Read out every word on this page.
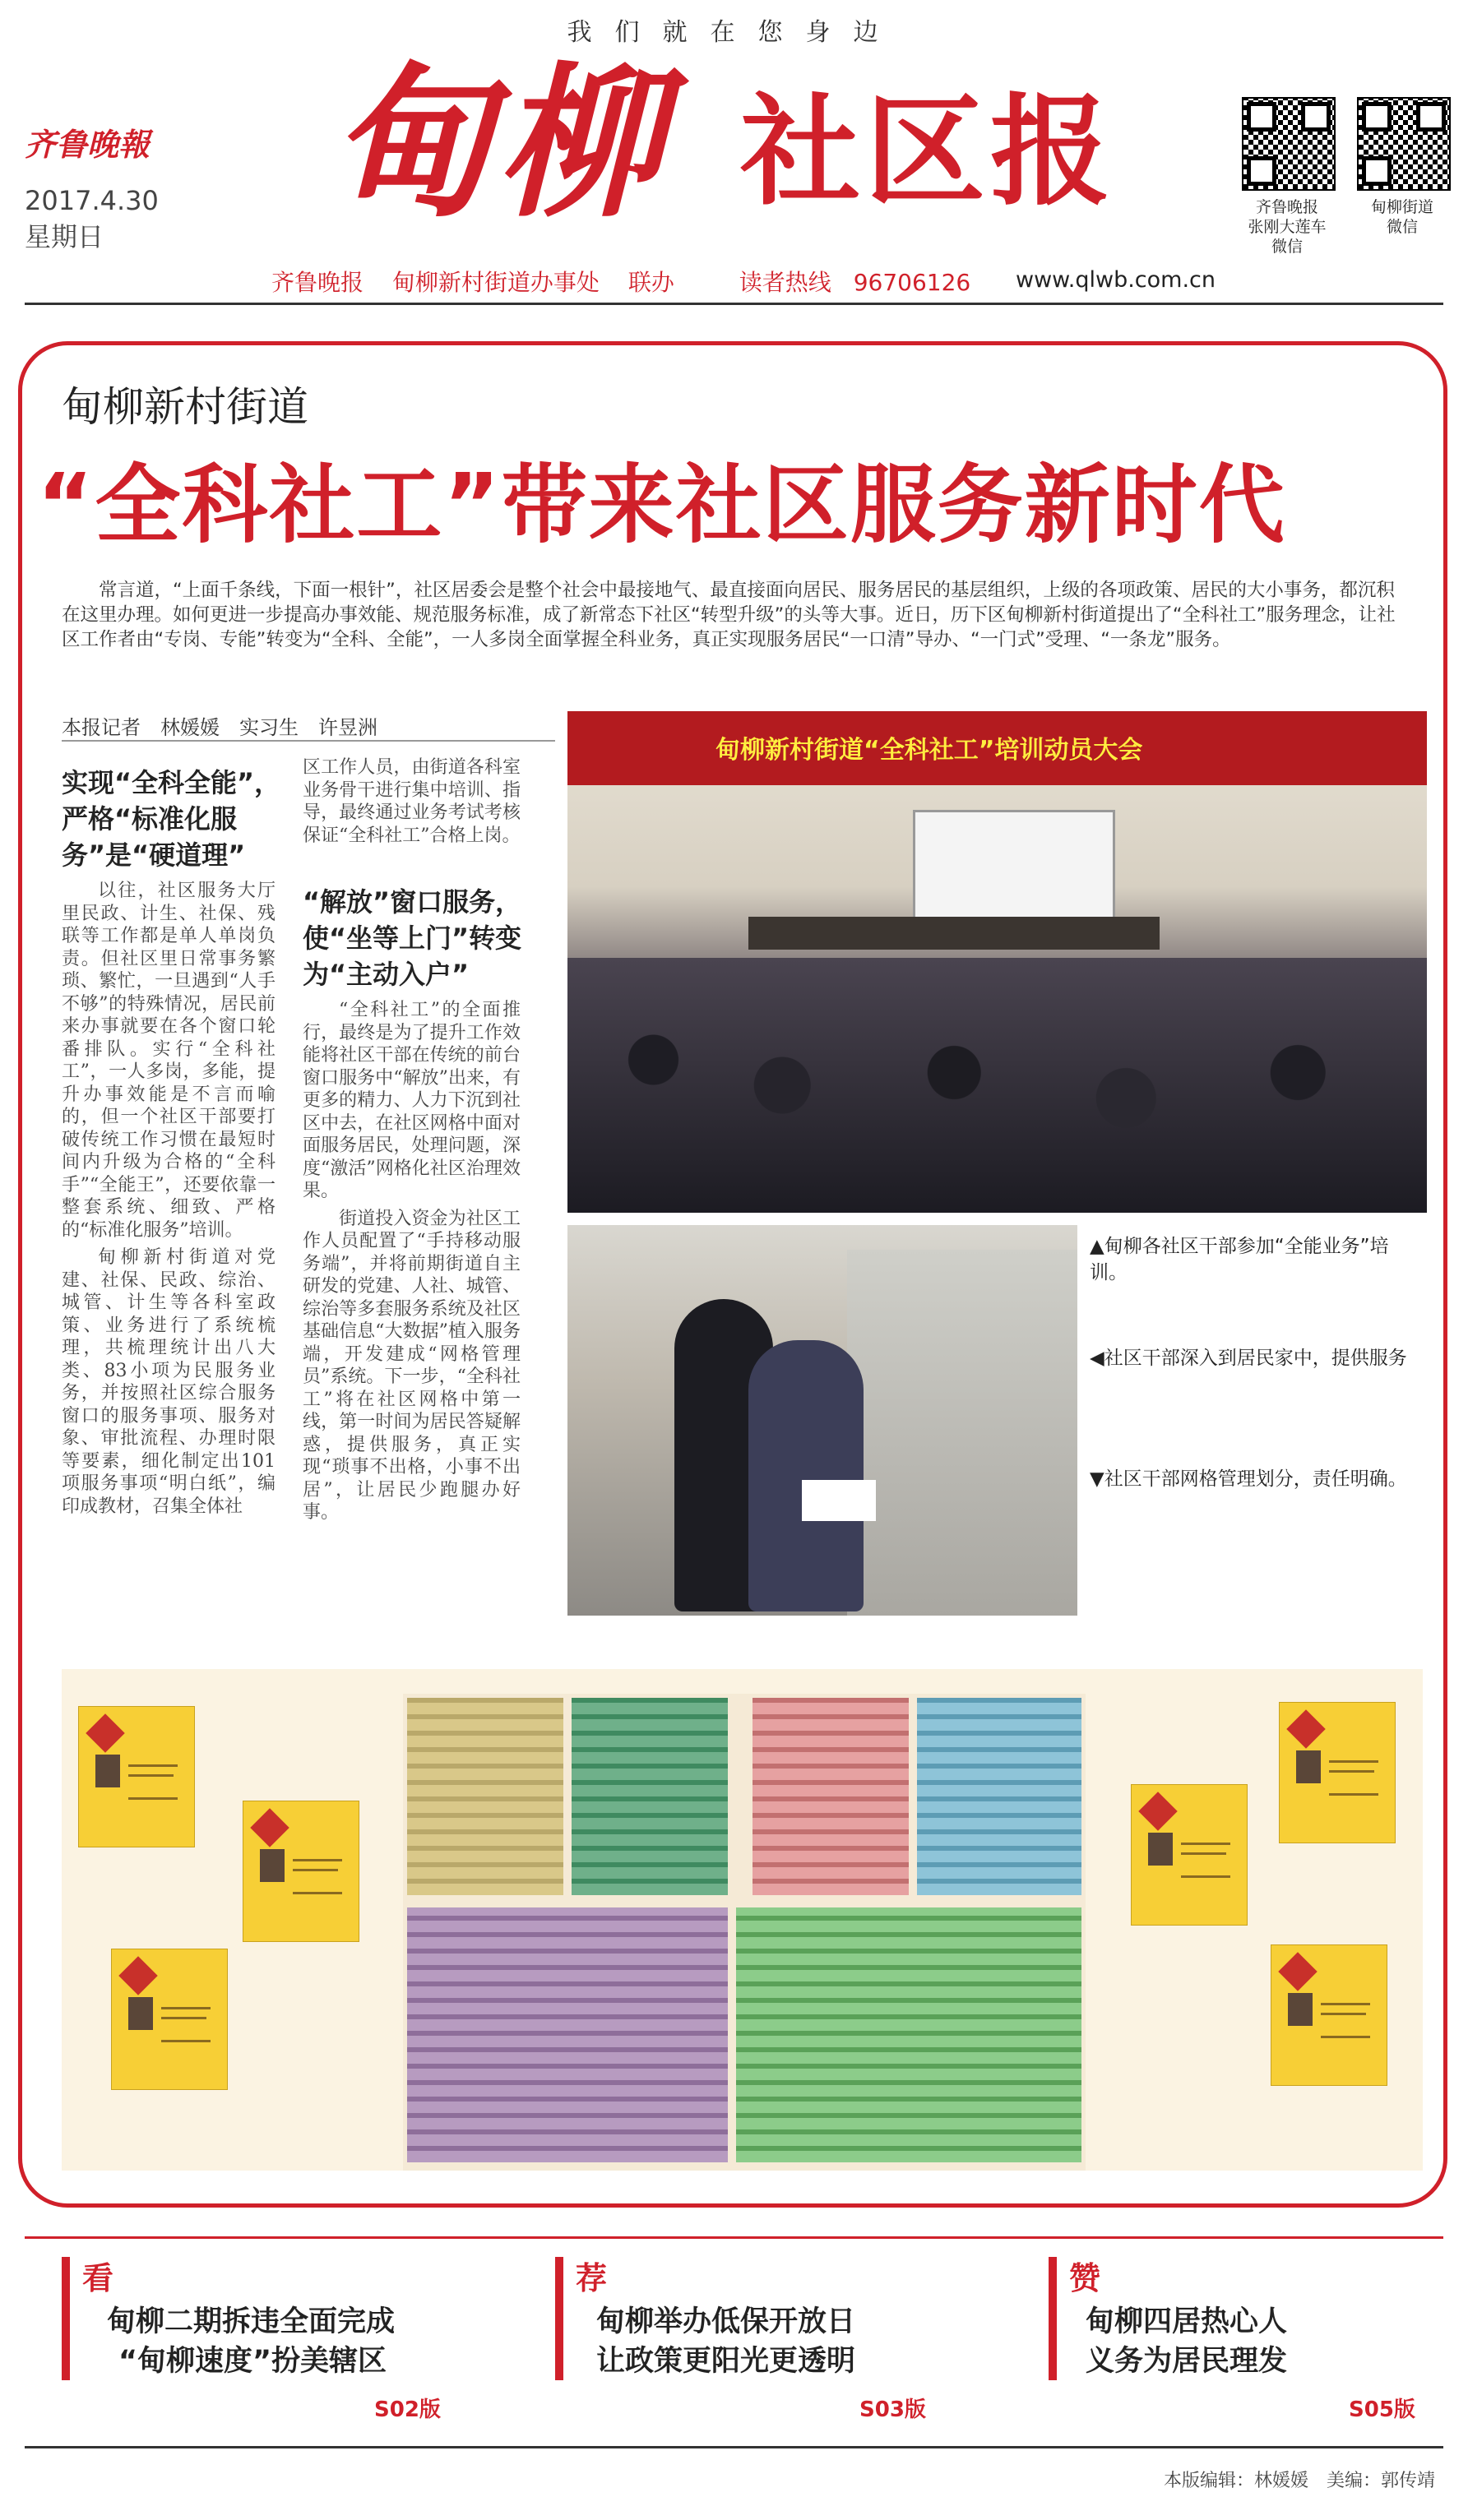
我们就在您身边
齐鲁晚報
2017.4.30
星期日	甸柳 社区报	齐鲁晚报
张刚大莲车
微信
甸柳街道
微信
齐鲁晚报 甸柳新村街道办事处 联办	读者热线 96706126	www.qlwb.com.cn
甸柳新村街道
“全科社工”带来社区服务新时代
常言道，“上面千条线，下面一根针”，社区居委会是整个社会中最接地气、最直接面向居民、服务居民的基层组织，上级的各项政策、居民的大小事务，都沉积在这里办理。如何更进一步提高办事效能、规范服务标准，成了新常态下社区“转型升级”的头等大事。近日，历下区甸柳新村街道提出了“全科社工”服务理念，让社区工作者由“专岗、专能”转变为“全科、全能”，一人多岗全面掌握全科业务，真正实现服务居民“一口清”导办、“一门式”受理、“一条龙”服务。
本报记者　林媛媛　实习生　许昱洲
实现“全科全能”，严格“标准化服务”是“硬道理”

以往，社区服务大厅里民政、计生、社保、残联等工作都是单人单岗负责。但社区里日常事务繁琐、繁忙，一旦遇到“人手不够”的特殊情况，居民前来办事就要在各个窗口轮番排队。实行“全科社工”，一人多岗，多能，提升办事效能是不言而喻的，但一个社区干部要打破传统工作习惯在最短时间内升级为合格的“全科手”“全能王”，还要依靠一整套系统、细致、严格的“标准化服务”培训。

甸柳新村街道对党建、社保、民政、综治、城管、计生等各科室政策、业务进行了系统梳理，共梳理统计出八大类、83小项为民服务业务，并按照社区综合服务窗口的服务事项、服务对象、审批流程、办理时限等要素，细化制定出101项服务事项“明白纸”，编印成教材，召集全体社

区工作人员，由街道各科室业务骨干进行集中培训、指导，最终通过业务考试考核保证“全科社工”合格上岗。
“解放”窗口服务，使“坐等上门”转变为“主动入户”

“全科社工”的全面推行，最终是为了提升工作效能将社区干部在传统的前台窗口服务中“解放”出来，有更多的精力、人力下沉到社区中去，在社区网格中面对面服务居民，处理问题，深度“激活”网格化社区治理效果。

街道投入资金为社区工作人员配置了“手持移动服务端”，并将前期街道自主研发的党建、人社、城管、综治等多套服务系统及社区基础信息“大数据”植入服务端，开发建成“网格管理员”系统。下一步，“全科社工”将在社区网格中第一线，第一时间为居民答疑解惑，提供服务，真正实现“琐事不出格，小事不出居”，让居民少跑腿办好事。

甸柳新村街道“全科社工”培训动员大会
▲甸柳各社区干部参加“全能业务”培训。
◀社区干部深入到居民家中，提供服务
▼社区干部网格管理划分，责任明确。
看
甸柳二期拆违全面完成
“甸柳速度”扮美辖区
S02版
荐
甸柳举办低保开放日
让政策更阳光更透明
S03版
赞
甸柳四居热心人
义务为居民理发
S05版
本版编辑：林媛媛　美编：郭传靖
